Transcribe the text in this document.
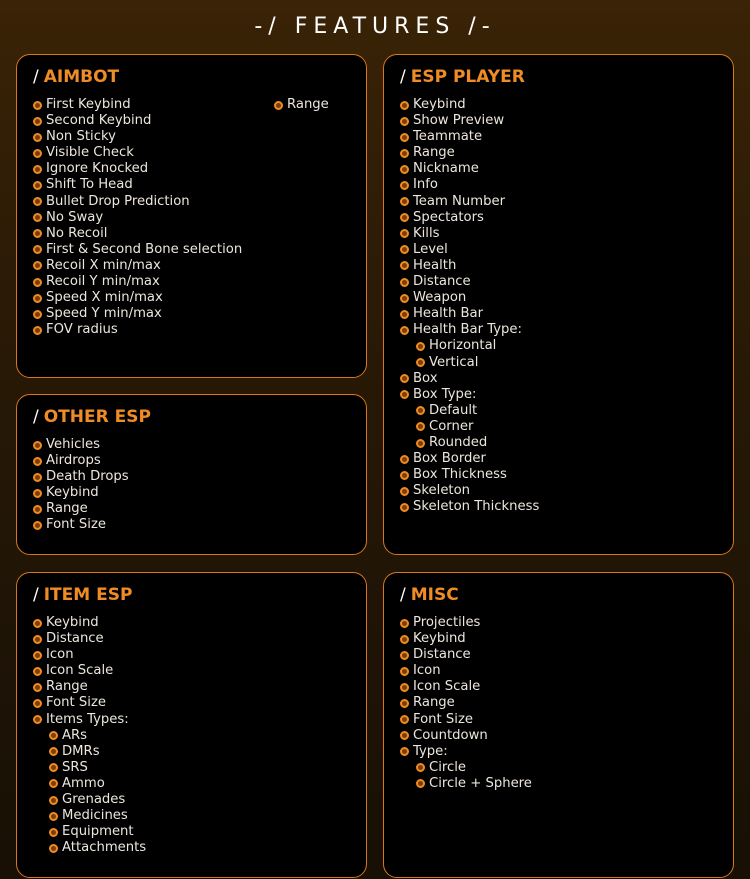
-/ FEATURES /-
/ AIMBOT
First Keybind
Second Keybind
Non Sticky
Visible Check
Ignore Knocked
Shift To Head
Bullet Drop Prediction
No Sway
No Recoil
First & Second Bone selection
Recoil X min/max
Recoil Y min/max
Speed X min/max
Speed Y min/max
FOV radius
Range
/ OTHER ESP
Vehicles
Airdrops
Death Drops
Keybind
Range
Font Size
/ ITEM ESP
Keybind
Distance
Icon
Icon Scale
Range
Font Size
Items Types:
ARs
DMRs
SRS
Ammo
Grenades
Medicines
Equipment
Attachments
/ ESP PLAYER
Keybind
Show Preview
Teammate
Range
Nickname
Info
Team Number
Spectators
Kills
Level
Health
Distance
Weapon
Health Bar
Health Bar Type:
Horizontal
Vertical
Box
Box Type:
Default
Corner
Rounded
Box Border
Box Thickness
Skeleton
Skeleton Thickness
/ MISC
Projectiles
Keybind
Distance
Icon
Icon Scale
Range
Font Size
Countdown
Type:
Circle
Circle + Sphere
